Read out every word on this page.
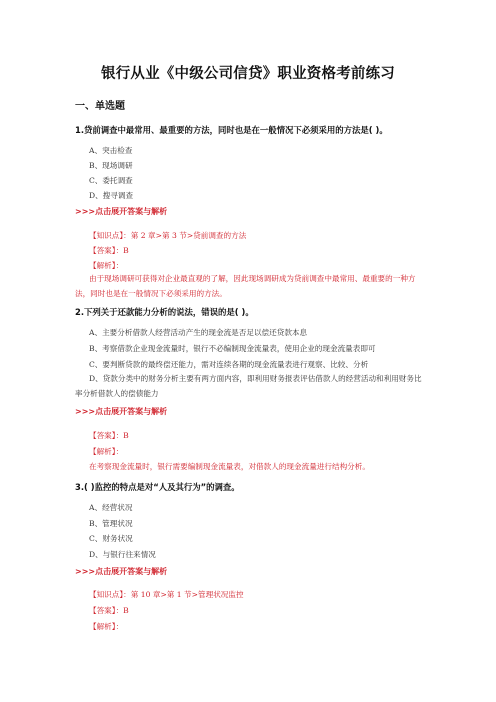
银行从业《中级公司信贷》职业资格考前练习
一、单选题
1.贷前调查中最常用、最重要的方法，同时也是在一般情况下必须采用的方法是( )。
A、突击检查
B、现场调研
C、委托调查
D、搜寻调查
>>>点击展开答案与解析
【知识点】：第 2 章>第 3 节>贷前调查的方法
【答案】：B
【解析】：
由于现场调研可获得对企业最直观的了解，因此现场调研成为贷前调查中最常用、最重要的一种方法，同时也是在一般情况下必须采用的方法。
2.下列关于还款能力分析的说法，错误的是( )。
A、主要分析借款人经营活动产生的现金流是否足以偿还贷款本息
B、考察借款企业现金流量时，银行不必编制现金流量表，使用企业的现金流量表即可
C、要判断贷款的最终偿还能力，需对连续各期的现金流量表进行观察、比较、分析
D、贷款分类中的财务分析主要有两方面内容，即利用财务报表评估借款人的经营活动和利用财务比率分析借款人的偿债能力
>>>点击展开答案与解析
【答案】：B
【解析】：
在考察现金流量时，银行需要编制现金流量表，对借款人的现金流量进行结构分析。
3.( )监控的特点是对“人及其行为”的调查。
A、经营状况
B、管理状况
C、财务状况
D、与银行往来情况
>>>点击展开答案与解析
【知识点】：第 10 章>第 1 节>管理状况监控
【答案】：B
【解析】：
